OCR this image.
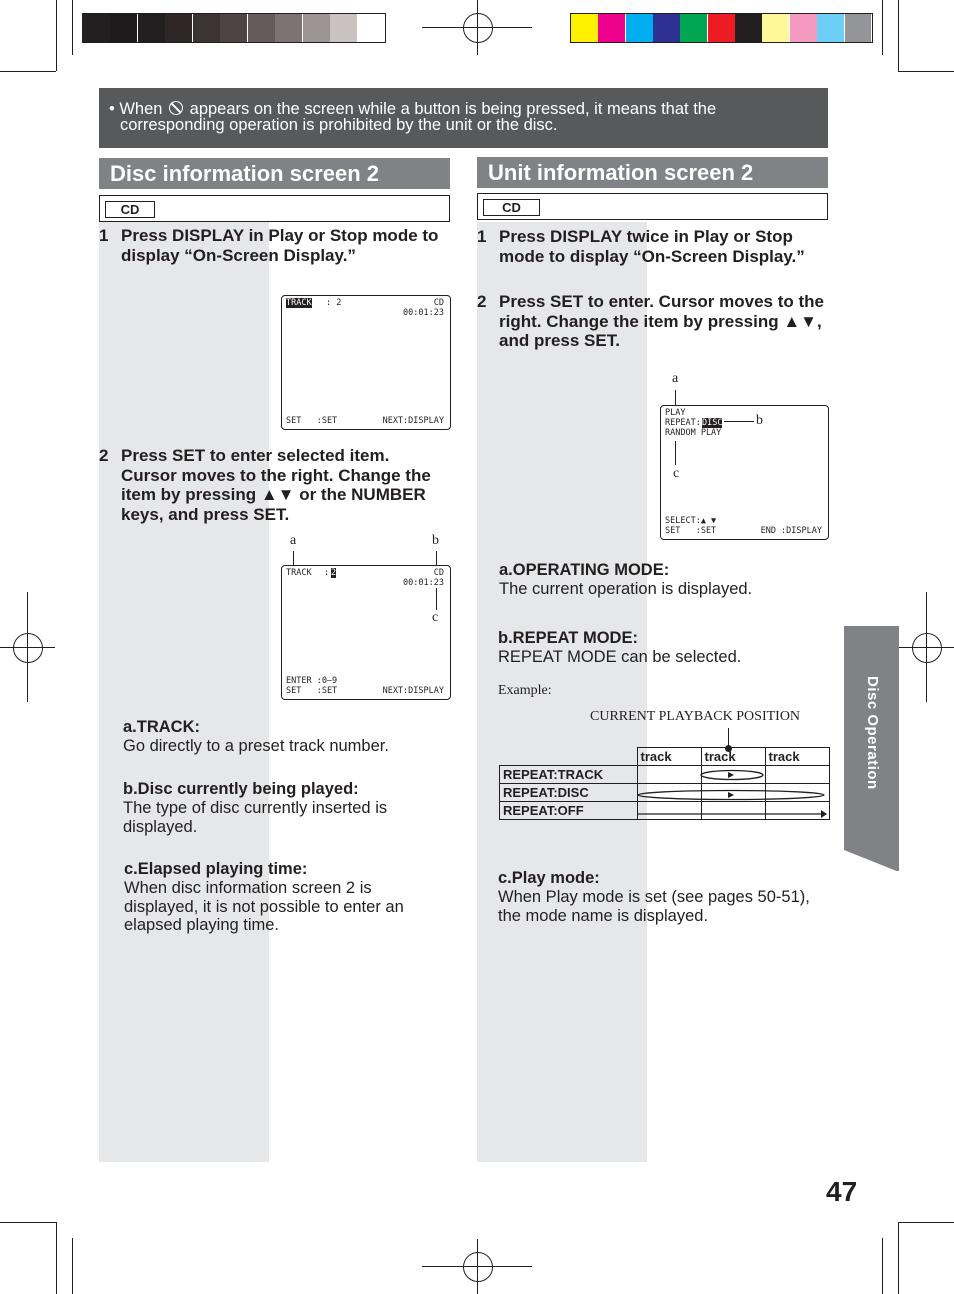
• When  appears on the screen while a button is being pressed, it means that the
corresponding operation is prohibited by the unit or the disc.
Disc information screen 2
CD
1 Press DISPLAY in Play or Stop mode to display “On-Screen Display.”
TRACK : 2	CD
00:01:23
SET   :SET	NEXT:DISPLAY
2 Press SET to enter selected item. Cursor moves to the right. Change the item by pressing ▲▼ or the NUMBER keys, and press SET.
a	b
TRACK : 2	CD
00:01:23
ENTER :0–9
SET   :SET	NEXT:DISPLAY
c
a.TRACK:
Go directly to a preset track number.
b.Disc currently being played:
The type of disc currently inserted is displayed.
c.Elapsed playing time:
When disc information screen 2 is displayed, it is not possible to enter an elapsed playing time.
Unit information screen 2
CD
1 Press DISPLAY twice in Play or Stop mode to display “On-Screen Display.”
2 Press SET to enter. Cursor moves to the right. Change the item by pressing ▲▼, and press SET.
a
PLAY
REPEAT: DISC
RANDOM PLAY
SELECT:▲ ▼
SET   :SET	END :DISPLAY
b
c
a.OPERATING MODE:
The current operation is displayed.
b.REPEAT MODE:
REPEAT MODE can be selected.
Example:
CURRENT PLAYBACK POSITION
	track	track	track
REPEAT:TRACK			
REPEAT:DISC			
REPEAT:OFF			
c.Play mode:
When Play mode is set (see pages 50-51), the mode name is displayed.
Disc Operation
47
